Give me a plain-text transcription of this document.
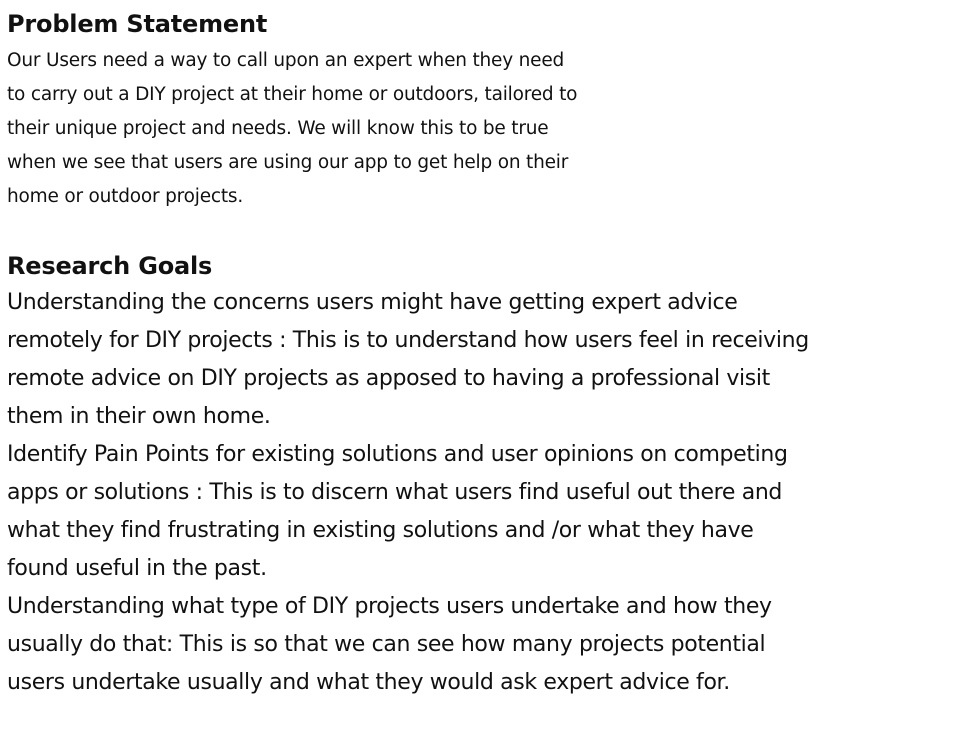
Problem Statement

Our Users need a way to call upon an expert when they need
to carry out a DIY project at their home or outdoors, tailored to
their unique project and needs. We will know this to be true
when we see that users are using our app to get help on their
home or outdoor projects.

Research Goals

Understanding the concerns users might have getting expert advice
remotely for DIY projects : This is to understand how users feel in receiving
remote advice on DIY projects as apposed to having a professional visit
them in their own home.
Identify Pain Points for existing solutions and user opinions on competing
apps or solutions : This is to discern what users find useful out there and
what they find frustrating in existing solutions and /or what they have
found useful in the past.
Understanding what type of DIY projects users undertake and how they
usually do that: This is so that we can see how many projects potential
users undertake usually and what they would ask expert advice for.
